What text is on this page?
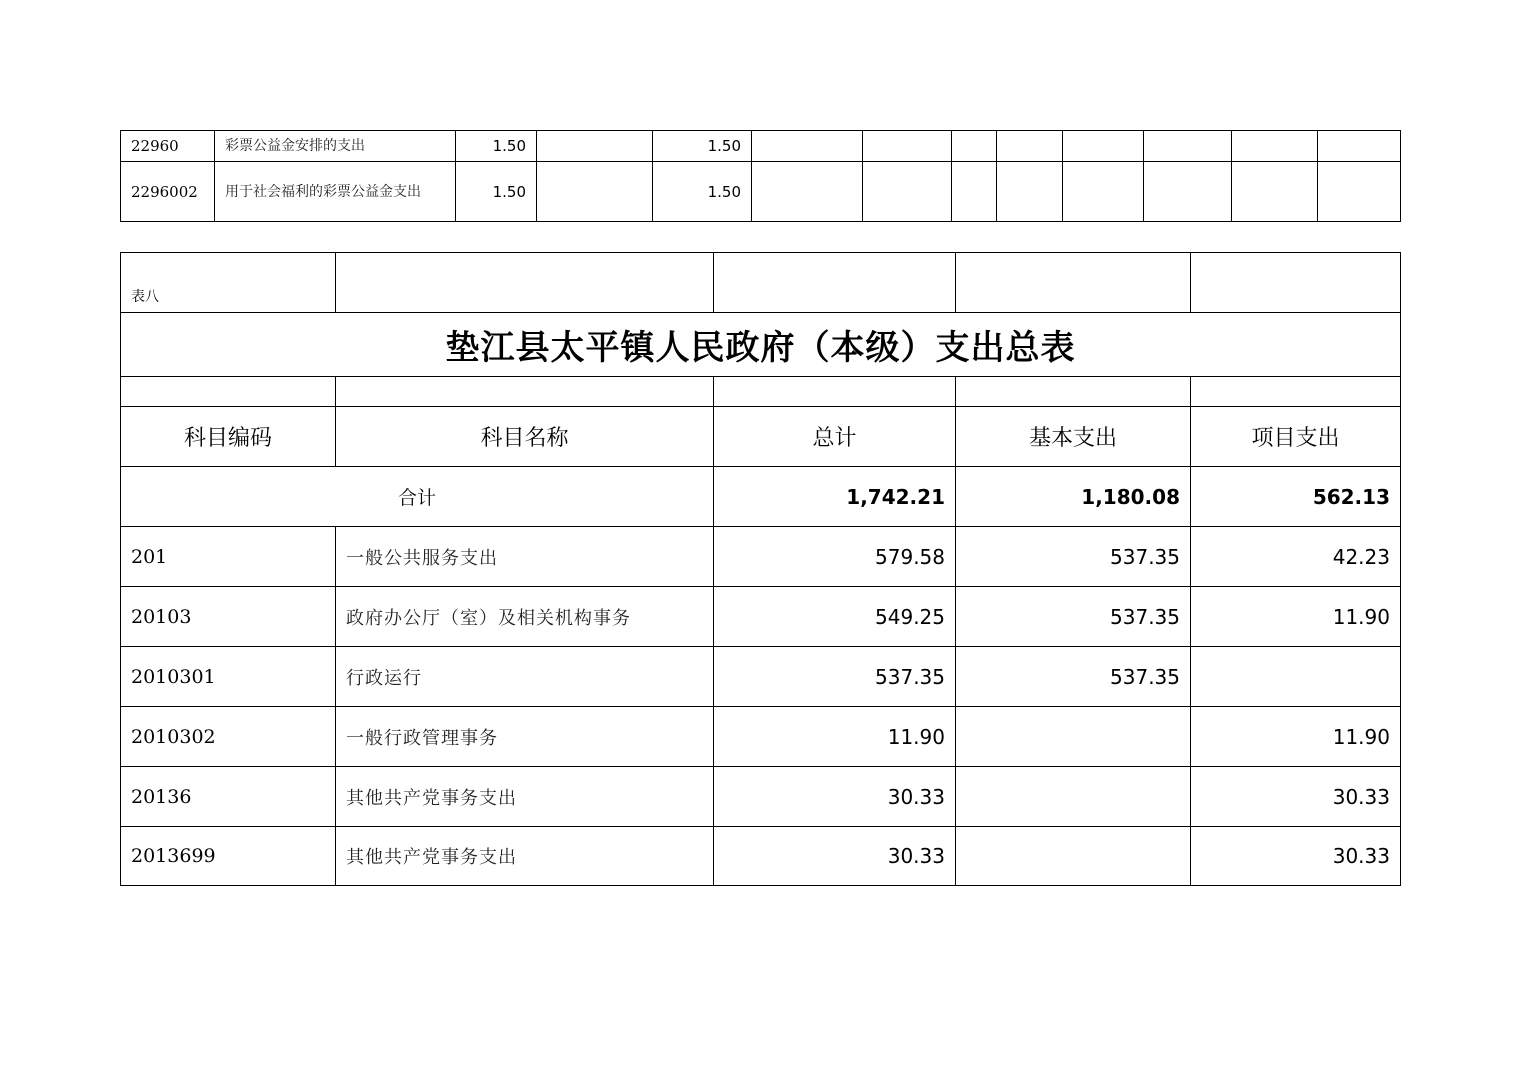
22960	彩票公益金安排的支出	1.50		1.50								
2296002	用于社会福利的彩票公益金支出	1.50		1.50								
表八				
垫江县太平镇人民政府（本级）支出总表				

科目编码	科目名称	总计	基本支出	项目支出
合计		1,742.21	1,180.08	562.13
201	一般公共服务支出	579.58	537.35	42.23
20103	政府办公厅（室）及相关机构事务	549.25	537.35	11.90
2010301	行政运行	537.35	537.35	
2010302	一般行政管理事务	11.90		11.90
20136	其他共产党事务支出	30.33		30.33
2013699	其他共产党事务支出	30.33		30.33
